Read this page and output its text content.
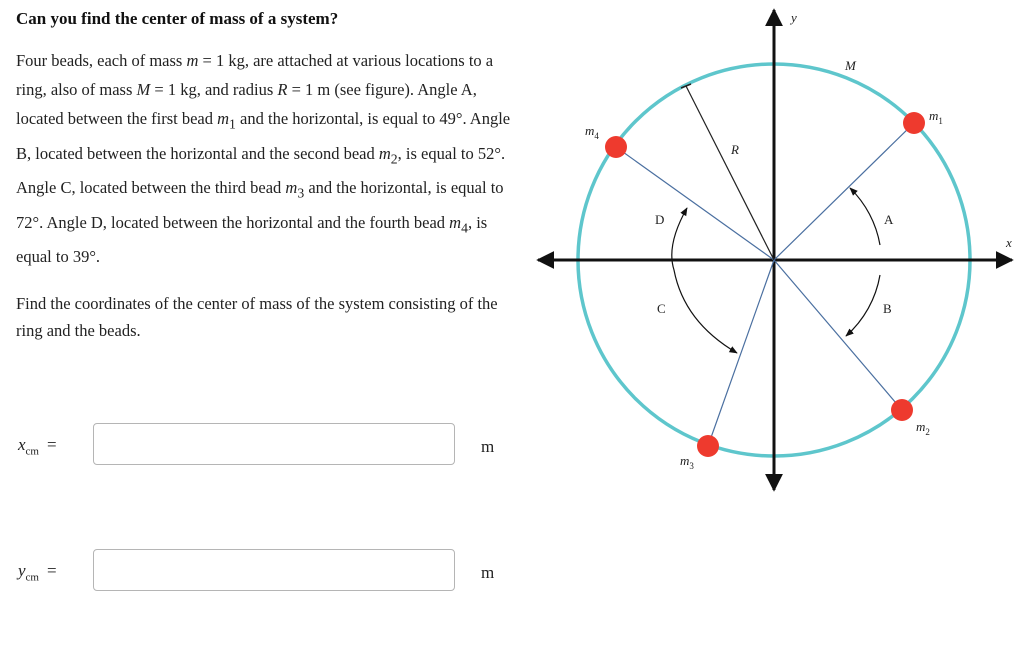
Can you find the center of mass of a system?

Four beads, each of mass m = 1 kg, are attached at various locations to a ring, also of mass M = 1 kg, and radius R = 1 m (see figure). Angle A, located between the first bead $m_1$ and the horizontal, is equal to 49°. Angle B, located between the horizontal and the second bead $m_2$, is equal to 52°. Angle C, located between the third bead $m_3$ and the horizontal, is equal to 72°. Angle D, located between the horizontal and the fourth bead $m_4$, is equal to 39°.

Find the coordinates of the center of mass of the system consisting of the ring and the beads.

$x_{cm}$ =	m
$y_{cm}$ =	m
x
y
M
R
A
B
C
D
$m_1$
$m_2$
$m_3$
$m_4$
